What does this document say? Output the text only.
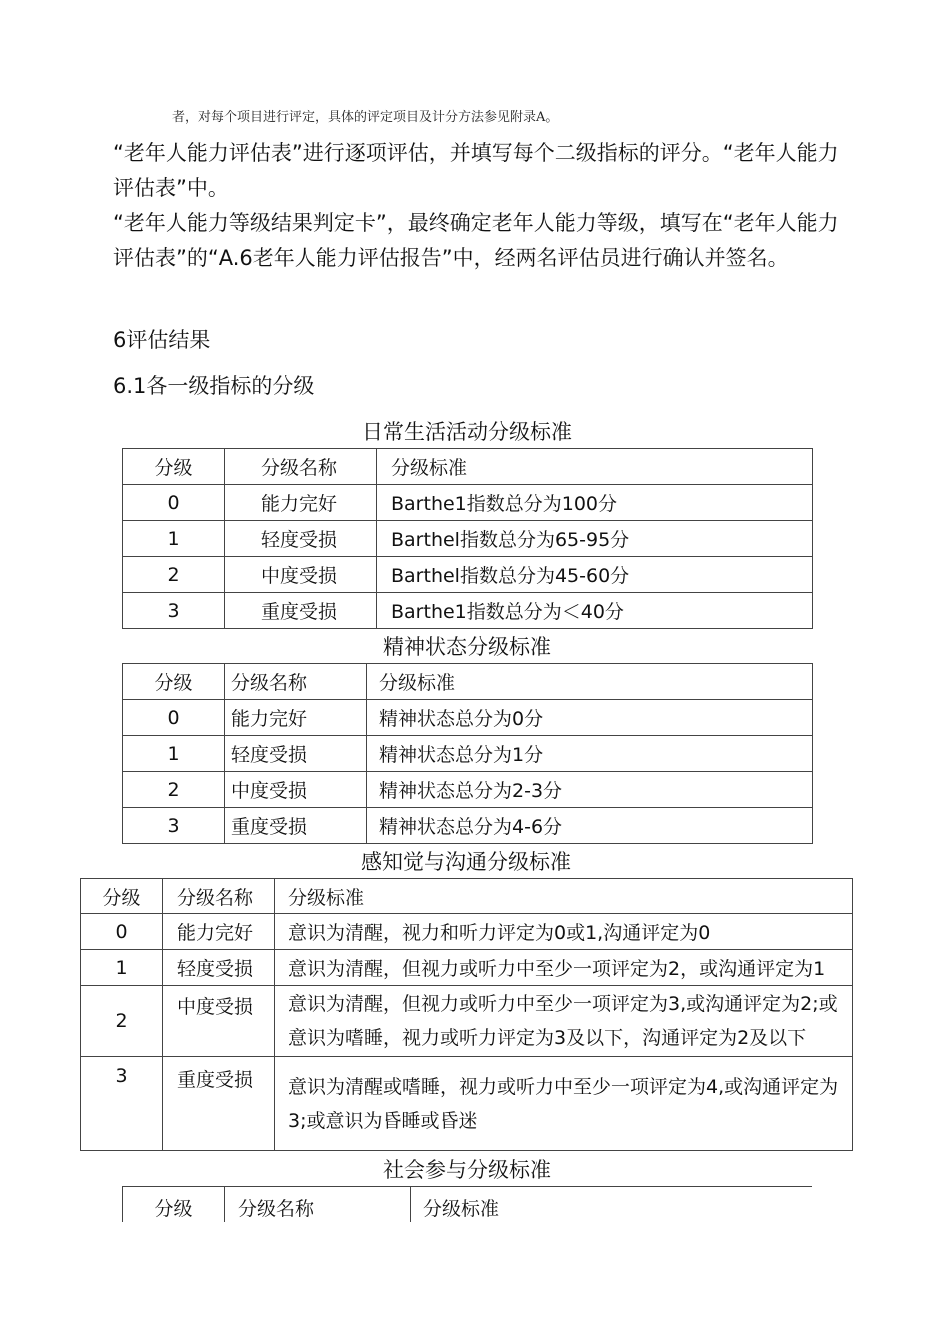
者，对每个项目进行评定，具体的评定项目及计分方法参见附录A。
“老年人能力评估表”进行逐项评估，并填写每个二级指标的评分。“老年人能力评估表”中。
“老年人能力等级结果判定卡”，最终确定老年人能力等级，填写在“老年人能力评估表”的“A.6老年人能力评估报告”中，经两名评估员进行确认并签名。
6评估结果
6.1各一级指标的分级
日常生活活动分级标准
分级	分级名称	分级标准
0	能力完好	Barthe1指数总分为100分
1	轻度受损	Barthel指数总分为65-95分
2	中度受损	Barthel指数总分为45-60分
3	重度受损	Barthe1指数总分为＜40分
精神状态分级标准
分级	分级名称	分级标准
0	能力完好	精神状态总分为0分
1	轻度受损	精神状态总分为1分
2	中度受损	精神状态总分为2-3分
3	重度受损	精神状态总分为4-6分
感知觉与沟通分级标准
分级	分级名称	分级标准
0	能力完好	意识为清醒，视力和听力评定为0或1,沟通评定为0
1	轻度受损	意识为清醒，但视力或听力中至少一项评定为2，或沟通评定为1
2	中度受损	意识为清醒，但视力或听力中至少一项评定为3,或沟通评定为2;或意识为嗜睡，视力或听力评定为3及以下，沟通评定为2及以下
3	重度受损	意识为清醒或嗜睡，视力或听力中至少一项评定为4,或沟通评定为3;或意识为昏睡或昏迷
社会参与分级标准
分级	分级名称	分级标准
